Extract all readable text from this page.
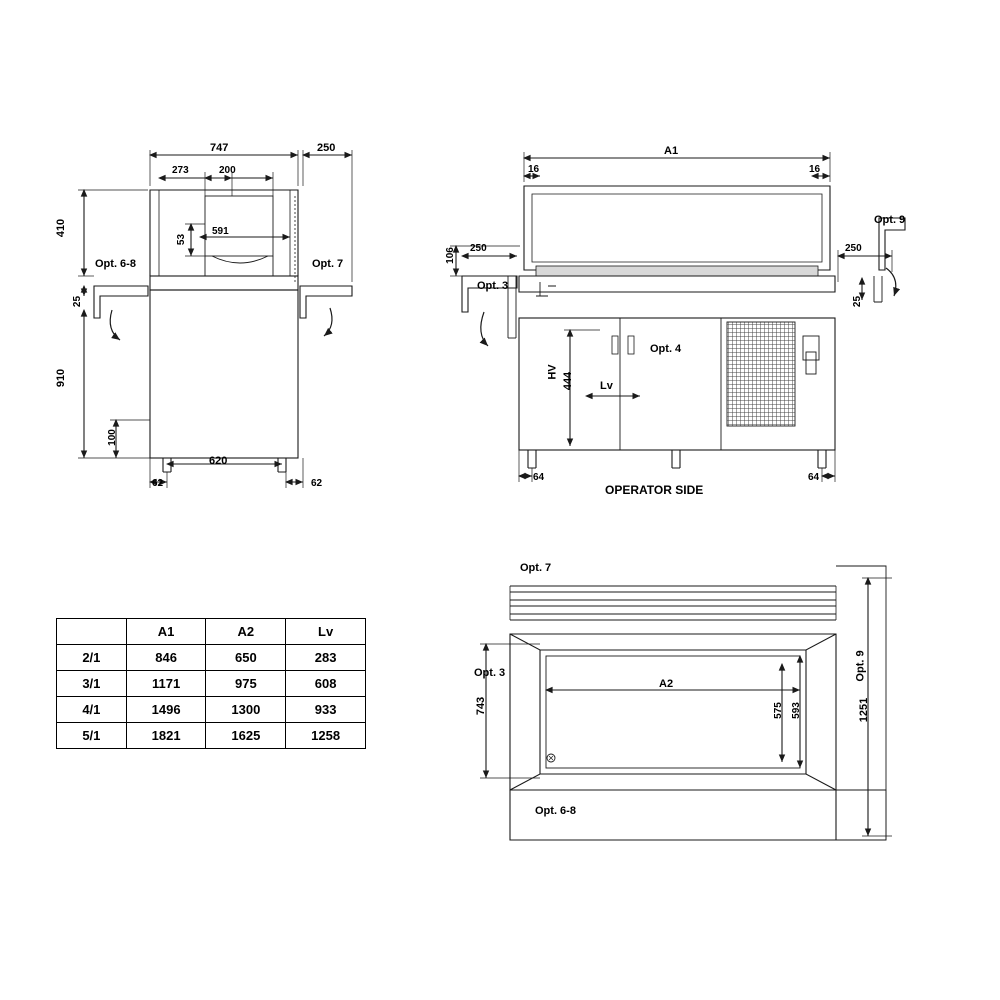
747	250
273	200
591
53
410
25
910
100
620
62	62
Opt. 6-8	Opt. 7
A1
16	16
106 250	250
25
HV 444 Lv
64	64
Opt. 3
Opt. 9
Opt. 4
OPERATOR SIDE
Opt. 7
Opt. 3	Opt. 9
Opt. 6-8
A2
743	575 593	1251
	A1	A2	Lv
2/1	846	650	283
3/1	1171	975	608
4/1	1496	1300	933
5/1	1821	1625	1258
